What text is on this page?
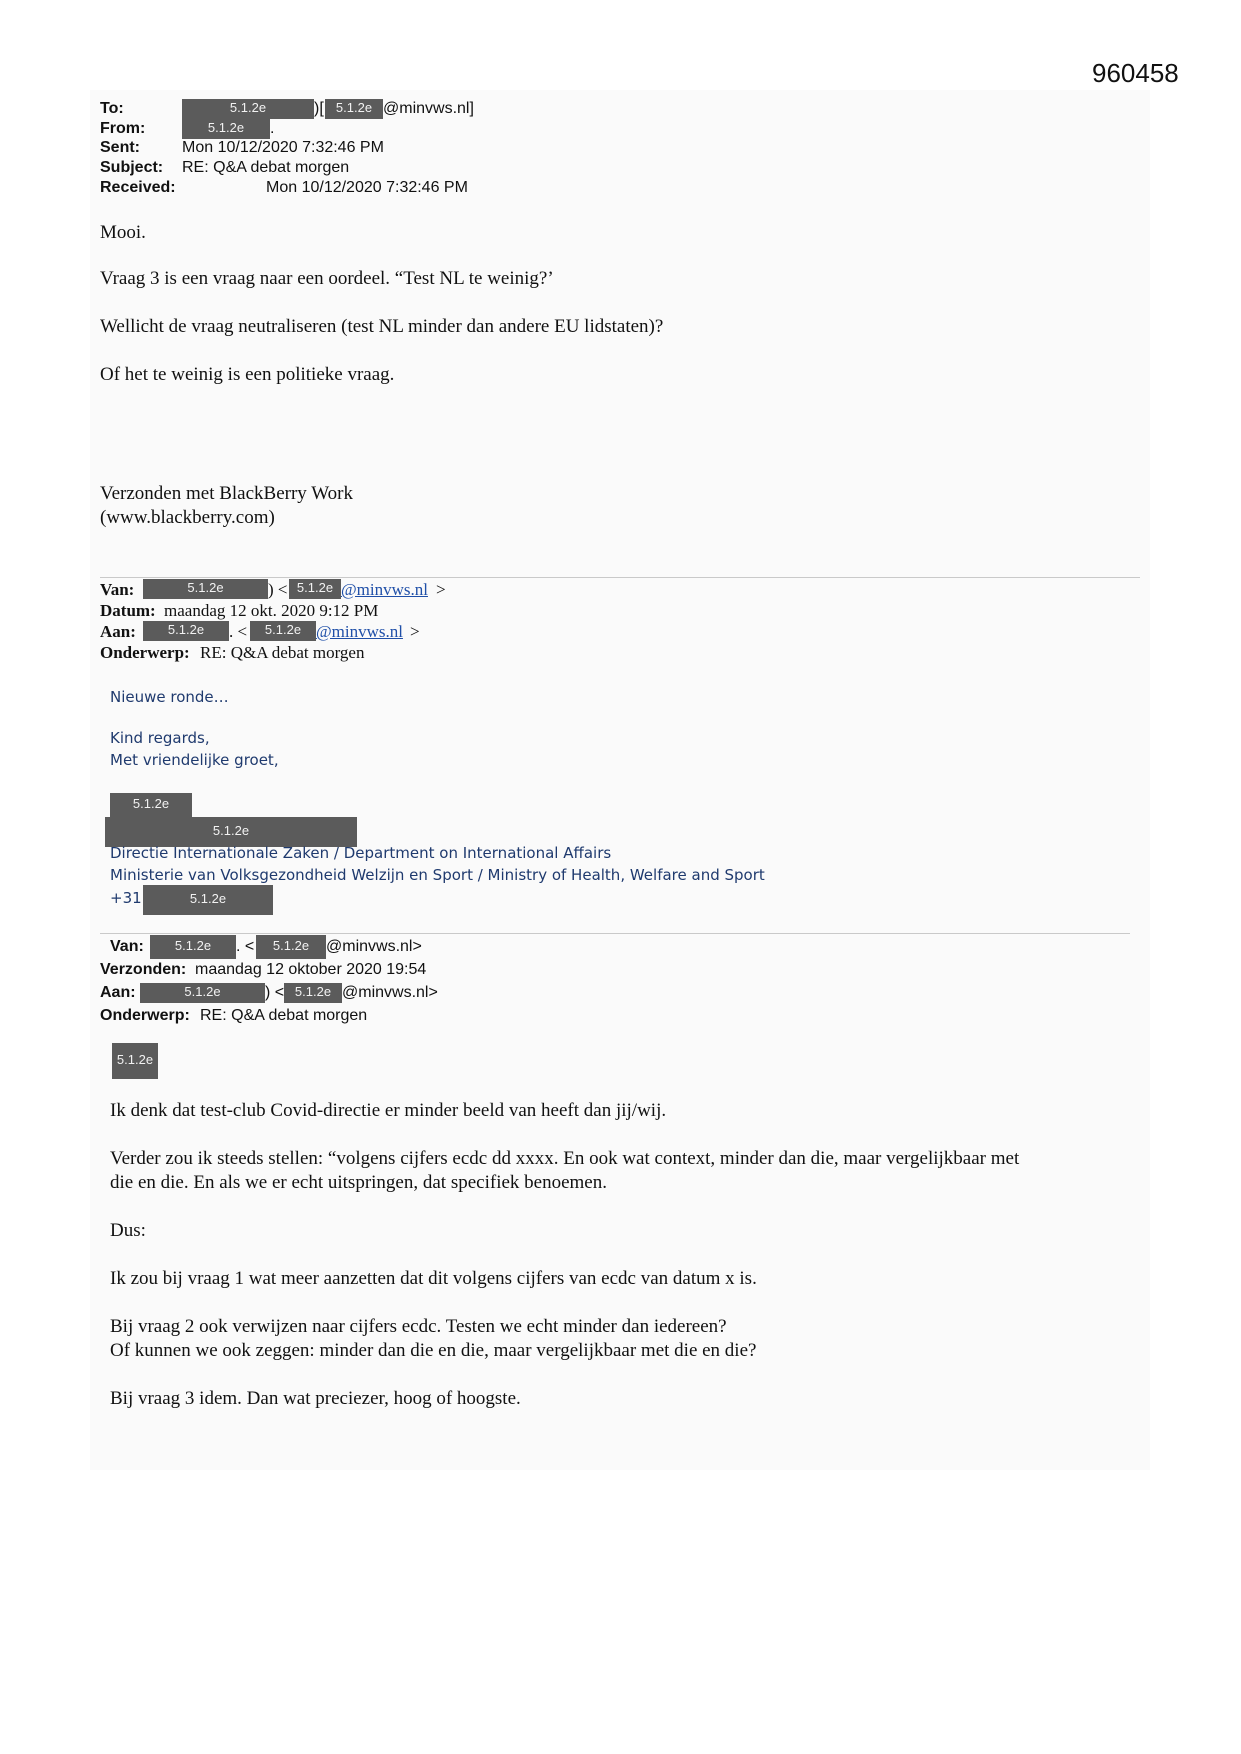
960458
To:	5.1.2e	)[ 5.1.2e @minvws.nl]
From:	5.1.2e	.
Sent:	Mon 10/12/2020 7:32:46 PM
Subject: RE: Q&A debat morgen
Received:	Mon 10/12/2020 7:32:46 PM
Mooi.
Vraag 3 is een vraag naar een oordeel. “Test NL te weinig?’
Wellicht de vraag neutraliseren (test NL minder dan andere EU lidstaten)?
Of het te weinig is een politieke vraag.
Verzonden met BlackBerry Work
(www.blackberry.com)
Van:	5.1.2e	) < 5.1.2e @minvws.nl >
Datum: maandag 12 okt. 2020 9:12 PM
Aan:	5.1.2e	. <	5.1.2e @minvws.nl >
Onderwerp: RE: Q&A debat morgen
Nieuwe ronde…
Kind regards,
Met vriendelijke groet,
5.1.2e
5.1.2e
Directie Internationale Zaken / Department on International Affairs
Ministerie van Volksgezondheid Welzijn en Sport / Ministry of Health, Welfare and Sport
+31	5.1.2e
Van:	5.1.2e	. <	5.1.2e	@minvws.nl>
Verzonden: maandag 12 oktober 2020 19:54
Aan:	5.1.2e	) < 5.1.2e @minvws.nl>
Onderwerp: RE: Q&A debat morgen
5.1.2e
Ik denk dat test-club Covid-directie er minder beeld van heeft dan jij/wij.
Verder zou ik steeds stellen: “volgens cijfers ecdc dd xxxx. En ook wat context, minder dan die, maar vergelijkbaar met
die en die. En als we er echt uitspringen, dat specifiek benoemen.
Dus:
Ik zou bij vraag 1 wat meer aanzetten dat dit volgens cijfers van ecdc van datum x is.
Bij vraag 2 ook verwijzen naar cijfers ecdc. Testen we echt minder dan iedereen?
Of kunnen we ook zeggen: minder dan die en die, maar vergelijkbaar met die en die?
Bij vraag 3 idem. Dan wat preciezer, hoog of hoogste.
